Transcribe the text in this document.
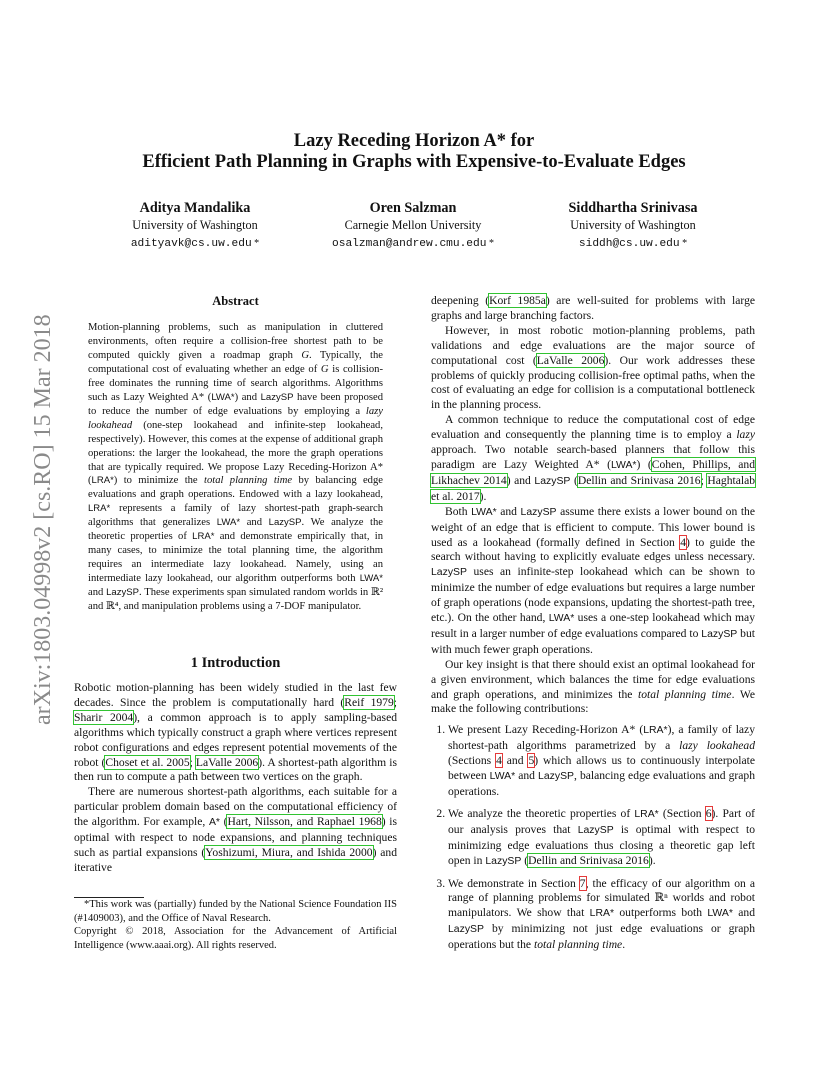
Lazy Receding Horizon A* for
Efficient Path Planning in Graphs with Expensive-to-Evaluate Edges
Aditya Mandalika
University of Washington
adityavk@cs.uw.edu *
Oren Salzman
Carnegie Mellon University
osalzman@andrew.cmu.edu *
Siddhartha Srinivasa
University of Washington
siddh@cs.uw.edu *
arXiv:1803.04998v2 [cs.RO] 15 Mar 2018
Abstract
Motion-planning problems, such as manipulation in cluttered environments, often require a collision-free shortest path to be computed quickly given a roadmap graph G. Typically, the computational cost of evaluating whether an edge of G is collision-free dominates the running time of search algorithms. Algorithms such as Lazy Weighted A* (LWA*) and LazySP have been proposed to reduce the number of edge evaluations by employing a lazy lookahead (one-step lookahead and infinite-step lookahead, respectively). However, this comes at the expense of additional graph operations: the larger the lookahead, the more the graph operations that are typically required. We propose Lazy Receding-Horizon A* (LRA*) to minimize the total planning time by balancing edge evaluations and graph operations. Endowed with a lazy lookahead, LRA* represents a family of lazy shortest-path graph-search algorithms that generalizes LWA* and LazySP. We analyze the theoretic properties of LRA* and demonstrate empirically that, in many cases, to minimize the total planning time, the algorithm requires an intermediate lazy lookahead. Namely, using an intermediate lazy lookahead, our algorithm outperforms both LWA* and LazySP. These experiments span simulated random worlds in ℝ² and ℝ⁴, and manipulation problems using a 7-DOF manipulator.
1 Introduction

Robotic motion-planning has been widely studied in the last few decades. Since the problem is computationally hard (Reif 1979; Sharir 2004), a common approach is to apply sampling-based algorithms which typically construct a graph where vertices represent robot configurations and edges represent potential movements of the robot (Choset et al. 2005; LaValle 2006). A shortest-path algorithm is then run to compute a path between two vertices on the graph.

There are numerous shortest-path algorithms, each suitable for a particular problem domain based on the computational efficiency of the algorithm. For example, A* (Hart, Nilsson, and Raphael 1968) is optimal with respect to node expansions, and planning techniques such as partial expansions (Yoshizumi, Miura, and Ishida 2000) and iterative

*This work was (partially) funded by the National Science Foundation IIS (#1409003), and the Office of Naval Research.
Copyright © 2018, Association for the Advancement of Artificial Intelligence (www.aaai.org). All rights reserved.

deepening (Korf 1985a) are well-suited for problems with large graphs and large branching factors.

However, in most robotic motion-planning problems, path validations and edge evaluations are the major source of computational cost (LaValle 2006). Our work addresses these problems of quickly producing collision-free optimal paths, when the cost of evaluating an edge for collision is a computational bottleneck in the planning process.

A common technique to reduce the computational cost of edge evaluation and consequently the planning time is to employ a lazy approach. Two notable search-based planners that follow this paradigm are Lazy Weighted A* (LWA*) (Cohen, Phillips, and Likhachev 2014) and LazySP (Dellin and Srinivasa 2016; Haghtalab et al. 2017).

Both LWA* and LazySP assume there exists a lower bound on the weight of an edge that is efficient to compute. This lower bound is used as a lookahead (formally defined in Section 4) to guide the search without having to explicitly evaluate edges unless necessary. LazySP uses an infinite-step lookahead which can be shown to minimize the number of edge evaluations but requires a large number of graph operations (node expansions, updating the shortest-path tree, etc.). On the other hand, LWA* uses a one-step lookahead which may result in a larger number of edge evaluations compared to LazySP but with much fewer graph operations.

Our key insight is that there should exist an optimal lookahead for a given environment, which balances the time for edge evaluations and graph operations, and minimizes the total planning time. We make the following contributions:

1. We present Lazy Receding-Horizon A* (LRA*), a family of lazy shortest-path algorithms parametrized by a lazy lookahead (Sections 4 and 5) which allows us to continuously interpolate between LWA* and LazySP, balancing edge evaluations and graph operations.
2. We analyze the theoretic properties of LRA* (Section 6). Part of our analysis proves that LazySP is optimal with respect to minimizing edge evaluations thus closing a theoretic gap left open in LazySP (Dellin and Srinivasa 2016).
3. We demonstrate in Section 7, the efficacy of our algorithm on a range of planning problems for simulated ℝⁿ worlds and robot manipulators. We show that LRA* outperforms both LWA* and LazySP by minimizing not just edge evaluations or graph operations but the total planning time.
